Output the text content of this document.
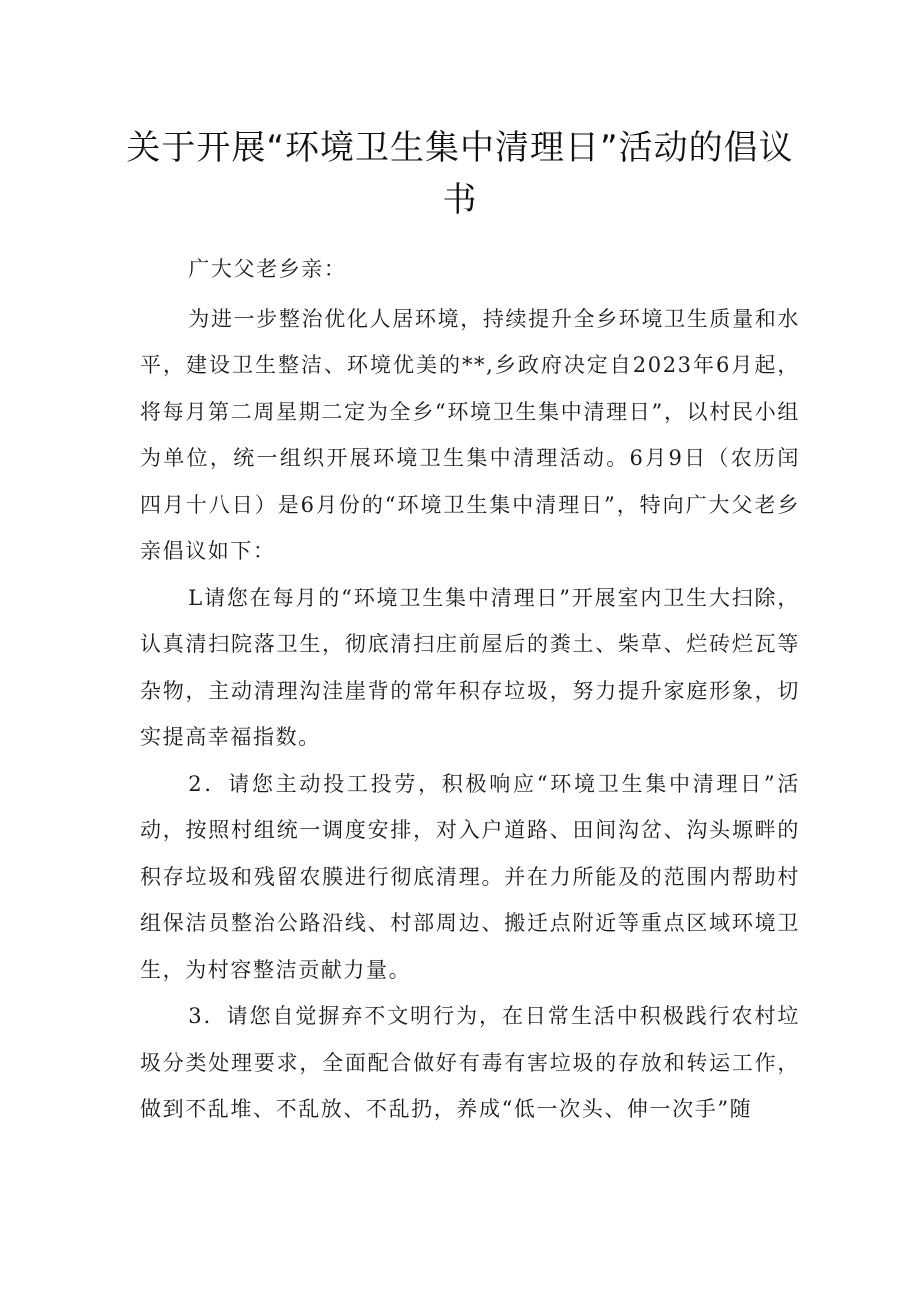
关于开展“环境卫生集中清理日”活动的倡议书

广大父老乡亲：

为进一步整治优化人居环境，持续提升全乡环境卫生质量和水平，建设卫生整洁、环境优美的**,乡政府决定自2023年6月起，将每月第二周星期二定为全乡“环境卫生集中清理日”，以村民小组为单位，统一组织开展环境卫生集中清理活动。6月9日（农历闰四月十八日）是6月份的“环境卫生集中清理日”，特向广大父老乡亲倡议如下：

L请您在每月的“环境卫生集中清理日”开展室内卫生大扫除，认真清扫院落卫生，彻底清扫庄前屋后的粪土、柴草、烂砖烂瓦等杂物，主动清理沟洼崖背的常年积存垃圾，努力提升家庭形象，切实提高幸福指数。

2．请您主动投工投劳，积极响应“环境卫生集中清理日”活动，按照村组统一调度安排，对入户道路、田间沟岔、沟头塬畔的积存垃圾和残留农膜进行彻底清理。并在力所能及的范围内帮助村组保洁员整治公路沿线、村部周边、搬迁点附近等重点区域环境卫生，为村容整洁贡献力量。

3．请您自觉摒弃不文明行为，在日常生活中积极践行农村垃圾分类处理要求，全面配合做好有毒有害垃圾的存放和转运工作，做到不乱堆、不乱放、不乱扔，养成“低一次头、伸一次手”随
